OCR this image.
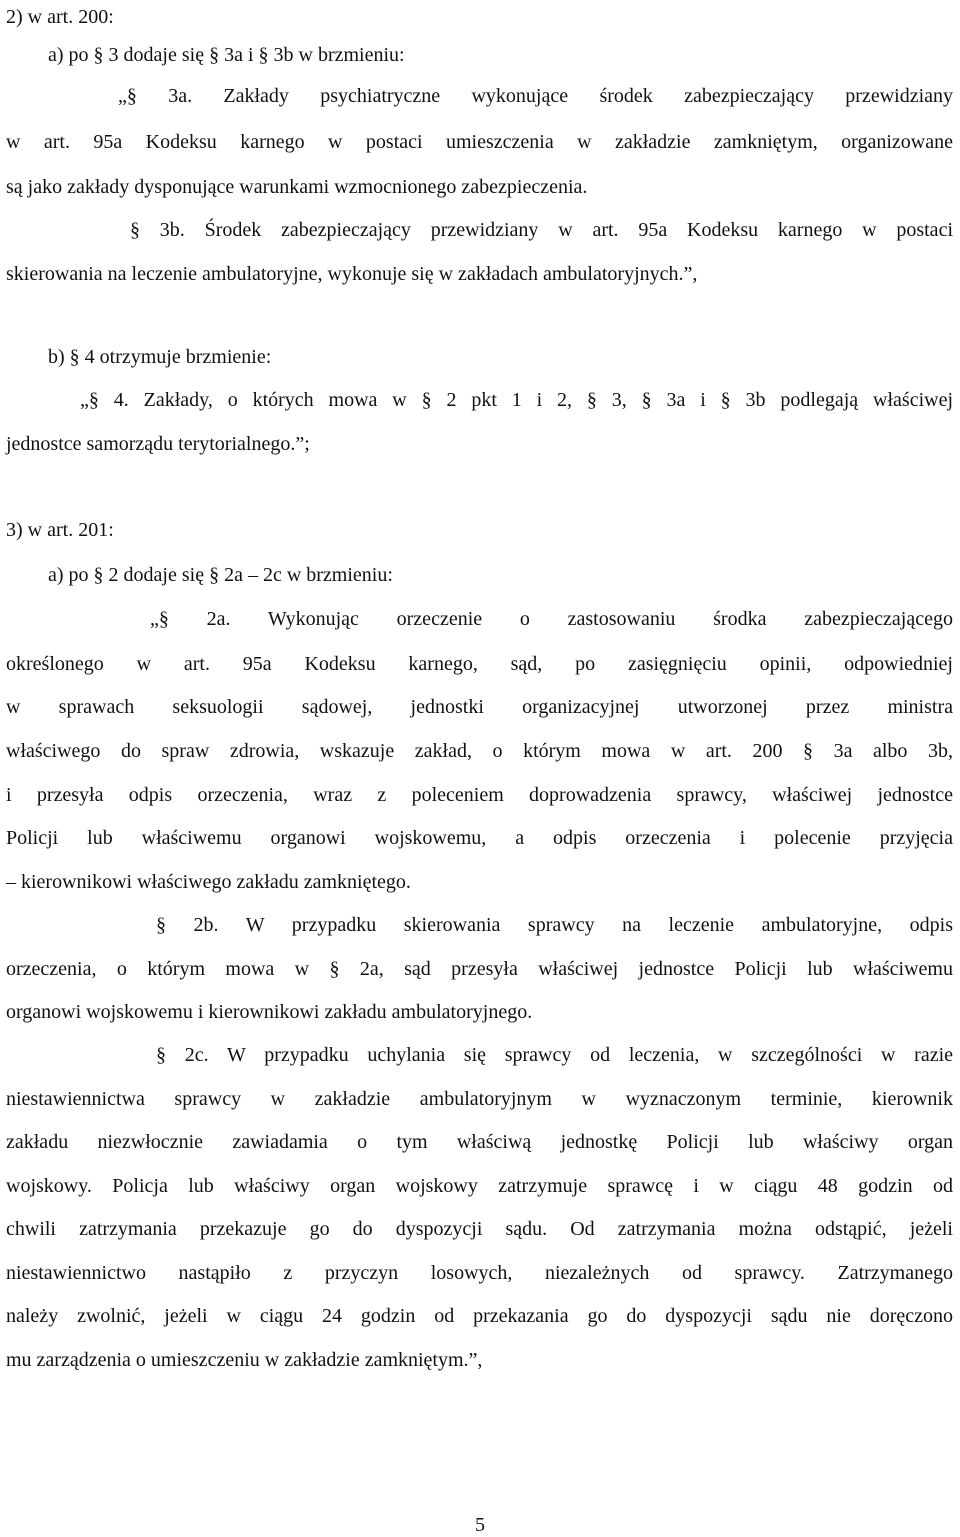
2) w art. 200:
a) po § 3 dodaje się § 3a i § 3b w brzmieniu:
„§ 3a. Zakłady psychiatryczne wykonujące środek zabezpieczający przewidziany
w art. 95a Kodeksu karnego w postaci umieszczenia w zakładzie zamkniętym, organizowane
są jako zakłady dysponujące warunkami wzmocnionego zabezpieczenia.
§ 3b. Środek zabezpieczający przewidziany w art. 95a Kodeksu karnego w postaci
skierowania na leczenie ambulatoryjne, wykonuje się w zakładach ambulatoryjnych.”,
b) § 4 otrzymuje brzmienie:
„§ 4. Zakłady, o których mowa w § 2 pkt 1 i 2, § 3, § 3a i § 3b podlegają właściwej
jednostce samorządu terytorialnego.”;
3) w art. 201:
a) po § 2 dodaje się § 2a – 2c w brzmieniu:
„§ 2a. Wykonując orzeczenie o zastosowaniu środka zabezpieczającego
określonego w art. 95a Kodeksu karnego, sąd, po zasięgnięciu opinii, odpowiedniej
w sprawach seksuologii sądowej, jednostki organizacyjnej utworzonej przez ministra
właściwego do spraw zdrowia, wskazuje zakład, o którym mowa w art. 200 § 3a albo 3b,
i przesyła odpis orzeczenia, wraz z poleceniem doprowadzenia sprawcy, właściwej jednostce
Policji lub właściwemu organowi wojskowemu, a odpis orzeczenia i polecenie przyjęcia
– kierownikowi właściwego zakładu zamkniętego.
§ 2b. W przypadku skierowania sprawcy na leczenie ambulatoryjne, odpis
orzeczenia, o którym mowa w § 2a, sąd przesyła właściwej jednostce Policji lub właściwemu
organowi wojskowemu i kierownikowi zakładu ambulatoryjnego.
§ 2c. W przypadku uchylania się sprawcy od leczenia, w szczególności w razie
niestawiennictwa sprawcy w zakładzie ambulatoryjnym w wyznaczonym terminie, kierownik
zakładu niezwłocznie zawiadamia o tym właściwą jednostkę Policji lub właściwy organ
wojskowy. Policja lub właściwy organ wojskowy zatrzymuje sprawcę i w ciągu 48 godzin od
chwili zatrzymania przekazuje go do dyspozycji sądu. Od zatrzymania można odstąpić, jeżeli
niestawiennictwo nastąpiło z przyczyn losowych, niezależnych od sprawcy. Zatrzymanego
należy zwolnić, jeżeli w ciągu 24 godzin od przekazania go do dyspozycji sądu nie doręczono
mu zarządzenia o umieszczeniu w zakładzie zamkniętym.”,
5
